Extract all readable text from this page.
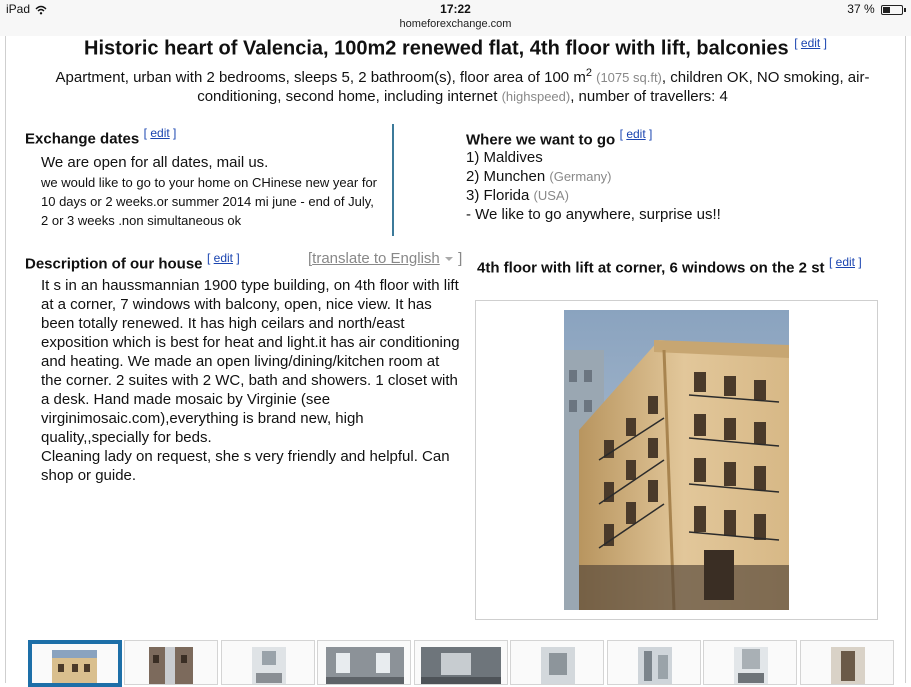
iPad	17:22
homeforexchange.com
37 %
Historic heart of Valencia, 100m2 renewed flat, 4th floor with lift, balconies [ edit ]
Apartment, urban with 2 bedrooms, sleeps 5, 2 bathroom(s), floor area of 100 $m^2$ (1075 sq.ft), children OK, NO smoking, air-conditioning, second home, including internet (highspeed), number of travellers: 4
Exchange dates [ edit ]
We are open for all dates, mail us.
we would like to go to your home on CHinese new year for 10 days or 2 weeks.or summer 2014 mi june - end of July, 2 or 3 weeks .non simultaneous ok
Where we want to go [ edit ]
1) Maldives
2) Munchen (Germany)
3) Florida (USA)
- We like to go anywhere, surprise us!!
Description of our house [ edit ]	[translate to English  ]
It s in an haussmannian 1900 type building, on 4th floor with lift at a corner, 7 windows with balcony, open, nice view. It has been totally renewed. It has high ceilars and north/east exposition which is best for heat and light.it has air conditioning and heating. We made an open living/dining/kitchen room at the corner. 2 suites with 2 WC, bath and showers. 1 closet with a desk. Hand made mosaic by Virginie (see virginimosaic.com),everything is brand new, high quality,,specially for beds.
Cleaning lady on request, she s very friendly and helpful. Can shop or guide.
4th floor with lift at corner, 6 windows on the 2 st [ edit ]
